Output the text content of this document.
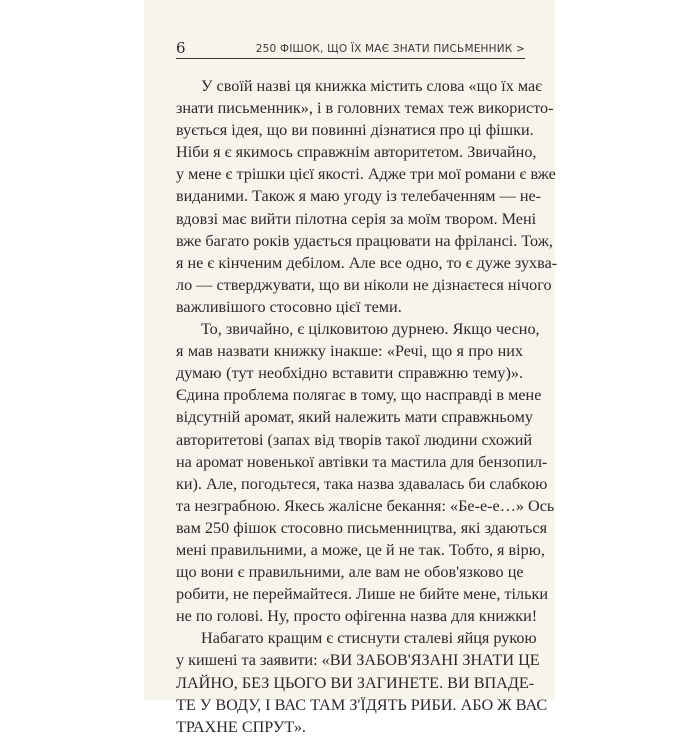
6	250 ФІШОК, ЩО ЇХ МАЄ ЗНАТИ ПИСЬМЕННИК >
У своїй назві ця книжка містить слова «що їх має
знати письменник», і в головних темах теж використо-
вується ідея, що ви повинні дізнатися про ці фішки.
Ніби я є якимось справжнім авторитетом. Звичайно,
у мене є трішки цієї якості. Адже три мої романи є вже
виданими. Також я маю угоду із телебаченням — не-
вдовзі має вийти пілотна серія за моїм твором. Мені
вже багато років удається працювати на фрілансі. Тож,
я не є кінченим дебілом. Але все одно, то є дуже зухва-
ло — стверджувати, що ви ніколи не дізнаєтеся нічого
важливішого стосовно цієї теми.
То, звичайно, є цілковитою дурнею. Якщо чесно,
я мав назвати книжку інакше: «Речі, що я про них
думаю (тут необхідно вставити справжню тему)».
Єдина проблема полягає в тому, що насправді в мене
відсутній аромат, який належить мати справжньому
авторитетові (запах від творів такої людини схожий
на аромат новенької автівки та мастила для бензопил-
ки). Але, погодьтеся, така назва здавалась би слабкою
та незграбною. Якесь жалісне бекання: «Бе-е-е…» Ось
вам 250 фішок стосовно письменництва, які здаються
мені правильними, а може, це й не так. Тобто, я вірю,
що вони є правильними, але вам не обов'язково це
робити, не переймайтеся. Лише не бийте мене, тільки
не по голові. Ну, просто офігенна назва для книжки!
Набагато кращим є стиснути сталеві яйця рукою
у кишені та заявити: «ВИ ЗАБОВ'ЯЗАНІ ЗНАТИ ЦЕ
ЛАЙНО, БЕЗ ЦЬОГО ВИ ЗАГИНЕТЕ. ВИ ВПАДЕ-
ТЕ У ВОДУ, І ВАС ТАМ З'ЇДЯТЬ РИБИ. АБО Ж ВАС
ТРАХНЕ СПРУТ».
